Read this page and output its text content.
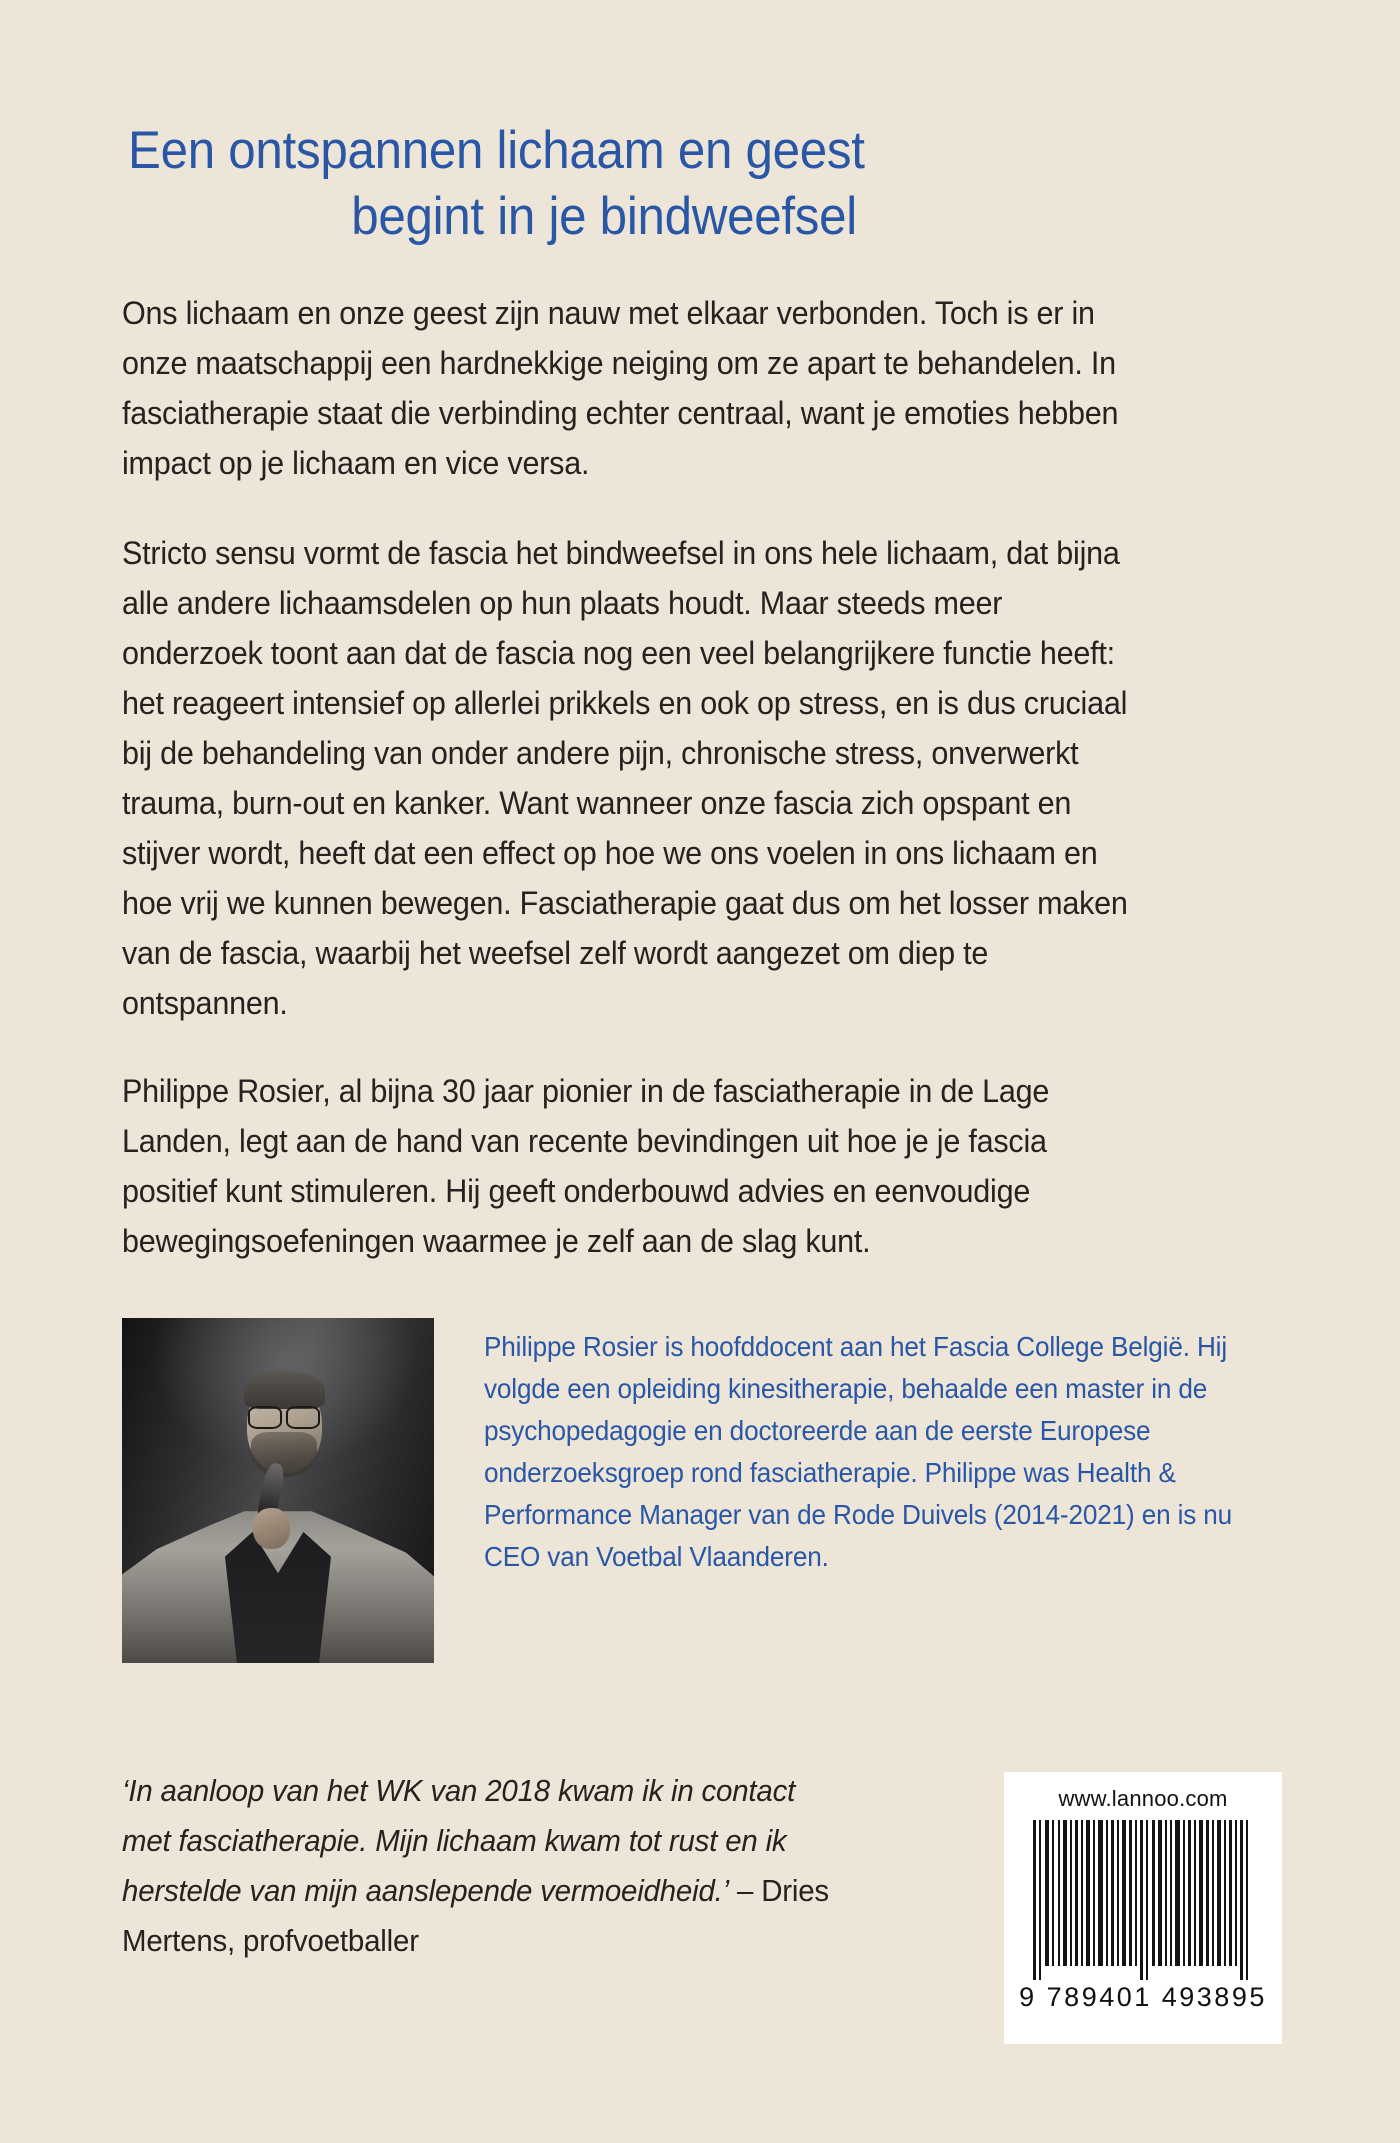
Een ontspannen lichaam en geest
begint in je bindweefsel

Ons lichaam en onze geest zijn nauw met elkaar verbonden. Toch is er in onze maatschappij een hardnekkige neiging om ze apart te behandelen. In fasciatherapie staat die verbinding echter centraal, want je emoties hebben impact op je lichaam en vice versa.

Stricto sensu vormt de fascia het bindweefsel in ons hele lichaam, dat bijna alle andere lichaamsdelen op hun plaats houdt. Maar steeds meer onderzoek toont aan dat de fascia nog een veel belangrijkere functie heeft: het reageert intensief op allerlei prikkels en ook op stress, en is dus cruciaal bij de behandeling van onder andere pijn, chronische stress, onverwerkt trauma, burn-out en kanker. Want wanneer onze fascia zich opspant en stijver wordt, heeft dat een effect op hoe we ons voelen in ons lichaam en hoe vrij we kunnen bewegen. Fasciatherapie gaat dus om het losser maken van de fascia, waarbij het weefsel zelf wordt aangezet om diep te ontspannen.

Philippe Rosier, al bijna 30 jaar pionier in de fasciatherapie in de Lage Landen, legt aan de hand van recente bevindingen uit hoe je je fascia positief kunt stimuleren. Hij geeft onderbouwd advies en eenvoudige bewegingsoefeningen waarmee je zelf aan de slag kunt.

Philippe Rosier is hoofddocent aan het Fascia College België. Hij volgde een opleiding kinesitherapie, behaalde een master in de psychopedagogie en doctoreerde aan de eerste Europese onderzoeksgroep rond fasciatherapie. Philippe was Health & Performance Manager van de Rode Duivels (2014-2021) en is nu CEO van Voetbal Vlaanderen.
‘In aanloop van het WK van 2018 kwam ik in contact met fasciatherapie. Mijn lichaam kwam tot rust en ik herstelde van mijn aanslepende vermoeidheid.’ – Dries Mertens, profvoetballer
www.lannoo.com
9 789401 493895
